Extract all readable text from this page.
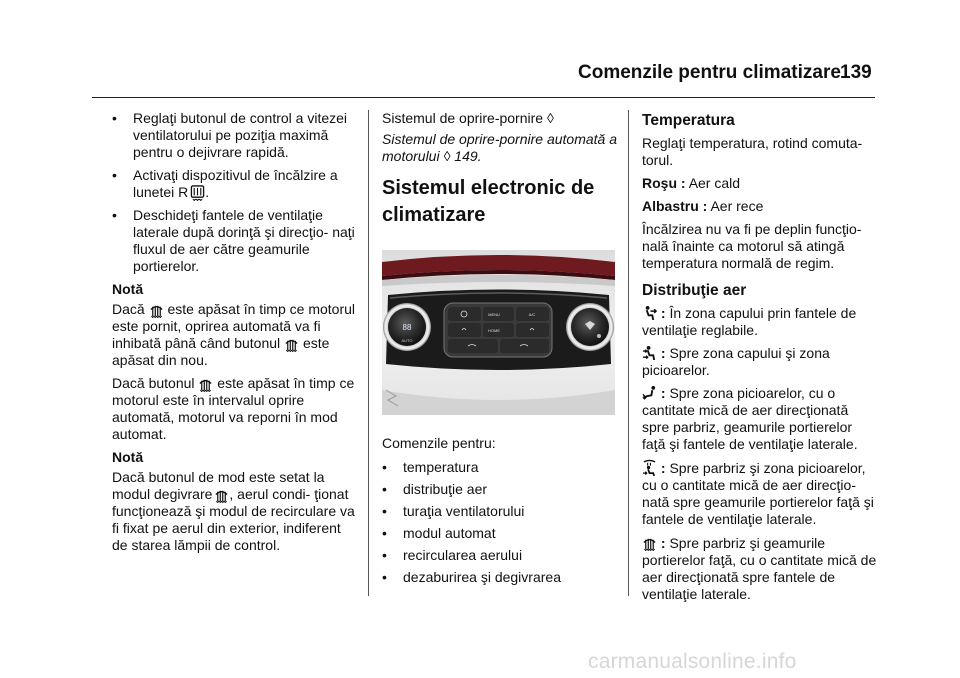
Comenzile pentru climatizare 139
• Reglaţi butonul de control a vitezei ventilatorului pe poziţia maximă pentru o dejivrare rapidă.
• Activaţi dispozitivul de încălzire a lunetei R .
• Deschideţi fantele de ventilaţie laterale după dorinţă şi direcţio- naţi fluxul de aer către geamurile portierelor.
Notă

Dacă este apăsat în timp ce motorul este pornit, oprirea automată va fi inhibată până când butonul este apăsat din nou.

Dacă butonul este apăsat în timp ce motorul este în intervalul oprire automată, motorul va reporni în mod automat.

Notă

Dacă butonul de mod este setat la modul degivrare , aerul condi- ţionat funcţionează şi modul de recirculare va fi fixat pe aerul din exterior, indiferent de starea lămpii de control.

Sistemul de oprire-pornire ◊

Sistemul de oprire-pornire automată a motorului ◊ 149.

Sistemul electronic de climatizare
88
AUTO
MENU	A/C
HOME
Comenzile pentru:
• temperatura
• distribuţie aer
• turaţia ventilatorului
• modul automat
• recircularea aerului
• dezaburirea şi degivrarea
Temperatura

Reglaţi temperatura, rotind comuta- torul.

Roşu : Aer cald

Albastru : Aer rece

Încălzirea nu va fi pe deplin funcţio- nală înainte ca motorul să atingă temperatura normală de regim.

Distribuţie aer

: În zona capului prin fantele de ventilaţie reglabile.

: Spre zona capului şi zona picioarelor.

: Spre zona picioarelor, cu o cantitate mică de aer direcţionată spre parbriz, geamurile portierelor faţă şi fantele de ventilaţie laterale.

: Spre parbriz şi zona picioarelor, cu o cantitate mică de aer direcţio- nată spre geamurile portierelor faţă şi fantele de ventilaţie laterale.

: Spre parbriz şi geamurile portierelor faţă, cu o cantitate mică de aer direcţionată spre fantele de ventilaţie laterale.

carmanualsonline.info
